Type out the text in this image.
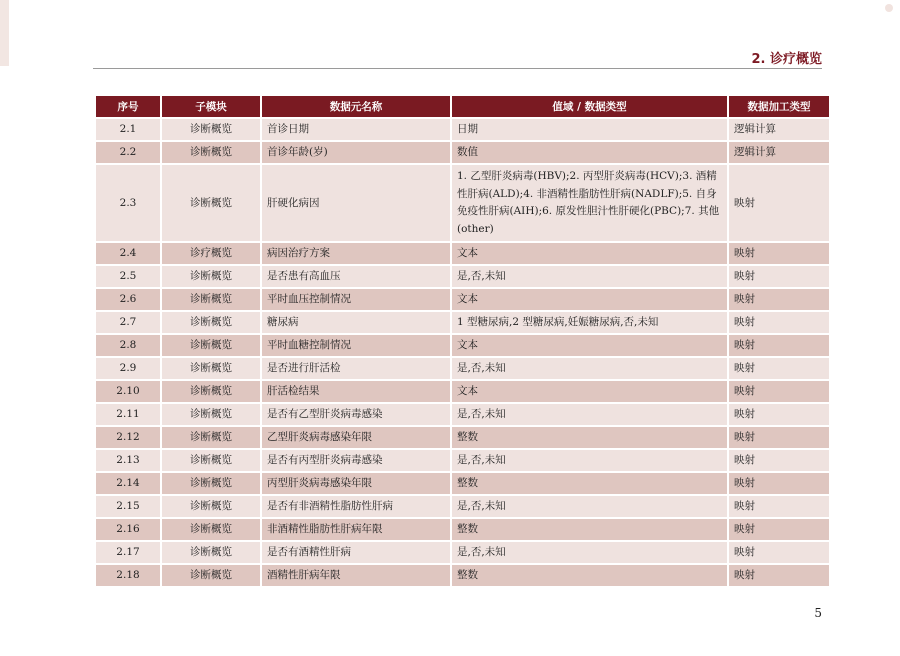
2. 诊疗概览
序号	子模块	数据元名称	值域 / 数据类型	数据加工类型
2.1	诊断概览	首诊日期	日期	逻辑计算
2.2	诊断概览	首诊年龄(岁)	数值	逻辑计算
2.3	诊断概览	肝硬化病因	1. 乙型肝炎病毒(HBV);2. 丙型肝炎病毒(HCV);3. 酒精性肝病(ALD);4. 非酒精性脂肪性肝病(NADLF);5. 自身免疫性肝病(AIH);6. 原发性胆汁性肝硬化(PBC);7. 其他(other)	映射
2.4	诊疗概览	病因治疗方案	文本	映射
2.5	诊断概览	是否患有高血压	是,否,未知	映射
2.6	诊断概览	平时血压控制情况	文本	映射
2.7	诊断概览	糖尿病	1 型糖尿病,2 型糖尿病,妊娠糖尿病,否,未知	映射
2.8	诊断概览	平时血糖控制情况	文本	映射
2.9	诊断概览	是否进行肝活检	是,否,未知	映射
2.10	诊断概览	肝活检结果	文本	映射
2.11	诊断概览	是否有乙型肝炎病毒感染	是,否,未知	映射
2.12	诊断概览	乙型肝炎病毒感染年限	整数	映射
2.13	诊断概览	是否有丙型肝炎病毒感染	是,否,未知	映射
2.14	诊断概览	丙型肝炎病毒感染年限	整数	映射
2.15	诊断概览	是否有非酒精性脂肪性肝病	是,否,未知	映射
2.16	诊断概览	非酒精性脂肪性肝病年限	整数	映射
2.17	诊断概览	是否有酒精性肝病	是,否,未知	映射
2.18	诊断概览	酒精性肝病年限	整数	映射
5
